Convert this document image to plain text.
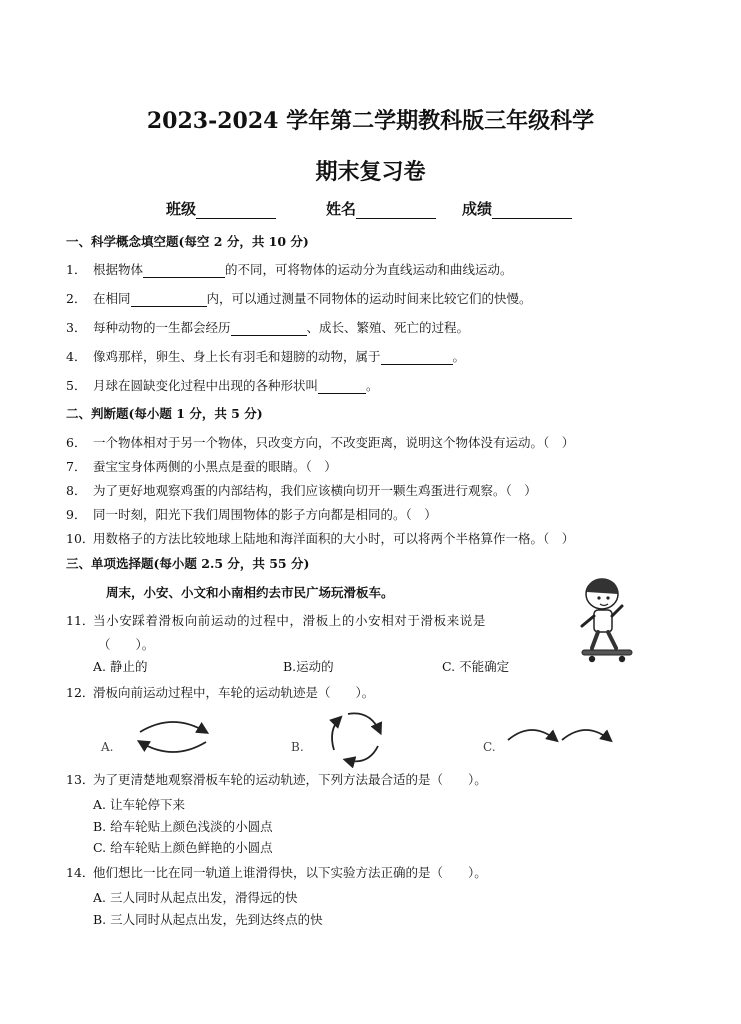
2023-2024 学年第二学期教科版三年级科学
期末复习卷
班级	姓名	成绩
一、科学概念填空题(每空 2 分，共 10 分)
1． 根据物体	的不同，可将物体的运动分为直线运动和曲线运动。
2． 在相同	内，可以通过测量不同物体的运动时间来比较它们的快慢。
3． 每种动物的一生都会经历	、成长、繁殖、死亡的过程。
4． 像鸡那样，卵生、身上长有羽毛和翅膀的动物，属于	。
5． 月球在圆缺变化过程中出现的各种形状叫	。
二、判断题(每小题 1 分，共 5 分)
6． 一个物体相对于另一个物体，只改变方向，不改变距离，说明这个物体没有运动。（　）
7． 蚕宝宝身体两侧的小黑点是蚕的眼睛。（　）
8． 为了更好地观察鸡蛋的内部结构，我们应该横向切开一颗生鸡蛋进行观察。（　）
9． 同一时刻，阳光下我们周围物体的影子方向都是相同的。（　）
10．用数格子的方法比较地球上陆地和海洋面积的大小时，可以将两个半格算作一格。（　）
三、单项选择题(每小题 2.5 分，共 55 分)
周末，小安、小文和小南相约去市民广场玩滑板车。
11．当小安踩着滑板向前运动的过程中，滑板上的小安相对于滑板来说是
（　　）。
A. 静止的	B.运动的	C. 不能确定
12．滑板向前运动过程中，车轮的运动轨迹是（　　）。
A.	B.	C.
13．为了更清楚地观察滑板车轮的运动轨迹，下列方法最合适的是（　　）。
A. 让车轮停下来
B. 给车轮贴上颜色浅淡的小圆点
C. 给车轮贴上颜色鲜艳的小圆点
14．他们想比一比在同一轨道上谁滑得快，以下实验方法正确的是（　　）。
A. 三人同时从起点出发，滑得远的快
B. 三人同时从起点出发，先到达终点的快
